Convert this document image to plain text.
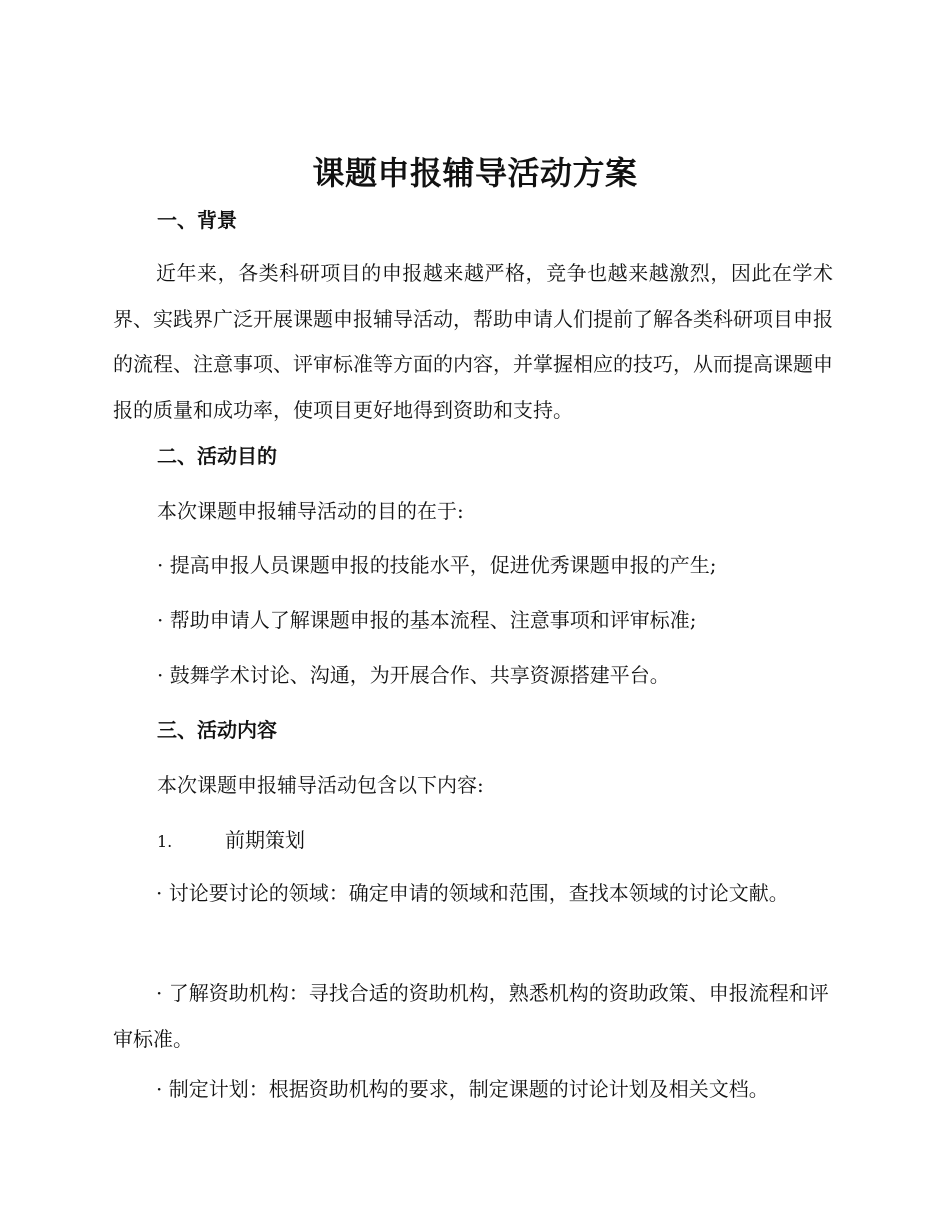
课题申报辅导活动方案
一、背景
近年来，各类科研项目的申报越来越严格，竞争也越来越激烈，因此在学术界、实践界广泛开展课题申报辅导活动，帮助申请人们提前了解各类科研项目申报的流程、注意事项、评审标准等方面的内容，并掌握相应的技巧，从而提高课题申报的质量和成功率，使项目更好地得到资助和支持。
二、活动目的
本次课题申报辅导活动的目的在于:
· 提高申报人员课题申报的技能水平，促进优秀课题申报的产生;
· 帮助申请人了解课题申报的基本流程、注意事项和评审标准;
· 鼓舞学术讨论、沟通，为开展合作、共享资源搭建平台。
三、活动内容
本次课题申报辅导活动包含以下内容:
1.	前期策划
· 讨论要讨论的领域：确定申请的领域和范围，查找本领域的讨论文献。
· 了解资助机构：寻找合适的资助机构，熟悉机构的资助政策、申报流程和评审标准。
· 制定计划：根据资助机构的要求，制定课题的讨论计划及相关文档。
